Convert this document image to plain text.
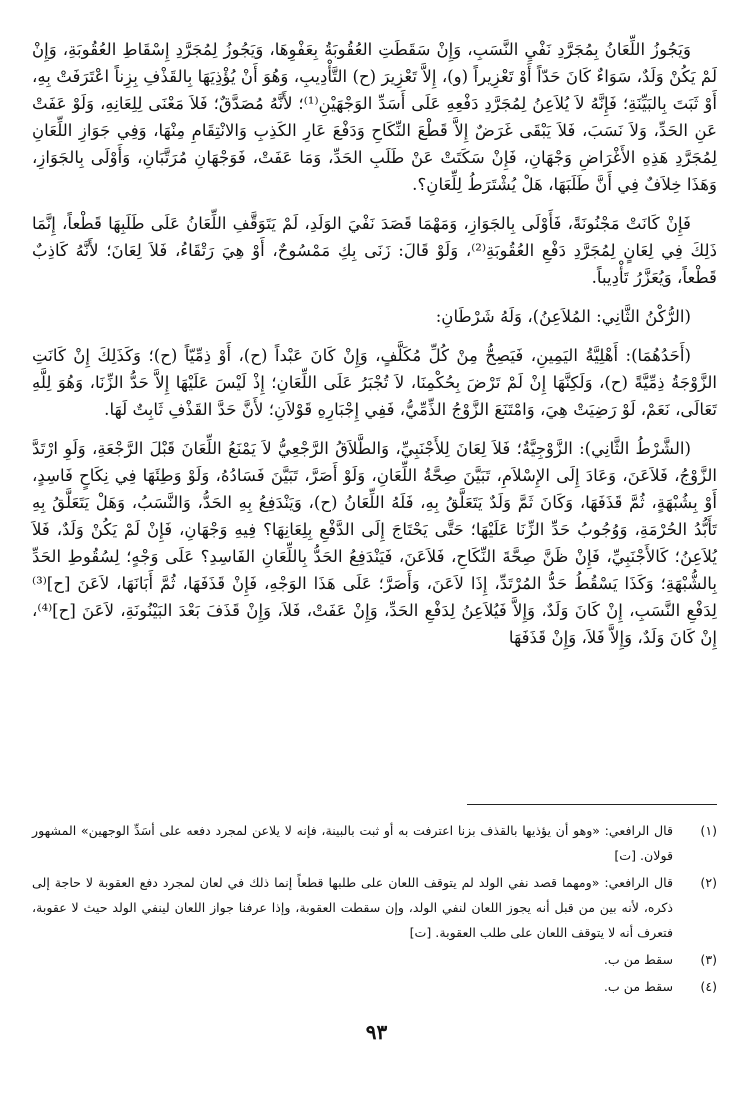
وَيَجُوزُ اللِّعَانُ بِمُجَرَّدِ نَفْيِ النَّسَبِ، وَإِنْ سَقَطَتِ العُقُوبَةُ بِعَفْوِهَا، وَيَجُوزُ لِمُجَرَّدِ إِسْقَاطِ العُقُوبَةِ، وَإِنْ لَمْ يَكُنْ وَلَدٌ، سَوَاءٌ كَانَ حَدّاً أَوْ تَعْزِيراً (و)، إِلاَّ تَعْزِيرَ (ح) التَّأْدِيبِ، وَهُوَ أَنْ يُؤْذِيَهَا بِالقَذْفِ بِزِناً اعْتَرَفَتْ بِهِ، أَوْ ثَبَتَ بِالبَيِّنَةِ؛ فَإِنَّهُ لاَ يُلاَعِنُ لِمُجَرَّدِ دَفْعِهِ عَلَى أَسَدِّ الوَجْهَيْنِ⁽¹⁾؛ لأَنَّهُ مُصَدَّقٌ؛ فَلاَ مَعْنَى لِلِعَانِهِ، وَلَوْ عَفَتْ عَنِ الحَدِّ، وَلاَ نَسَبَ، فَلاَ يَبْقَى غَرَضٌ إِلاَّ قَطْعَ النِّكَاحِ وَدَفْعَ عَارِ الكَذِبِ وَالانْتِقَامِ مِنْهَا، وَفِي جَوَازِ اللِّعَانِ لِمُجَرَّدِ هَذِهِ الأَغْرَاضِ وَجْهَانِ، فَإِنْ سَكَتَتْ عَنْ طَلَبِ الحَدِّ، وَمَا عَفَتْ، فَوَجْهَانِ مُرَتَّبَانِ، وَأَوْلَى بِالجَوَازِ، وَهَذَا خِلاَفٌ فِي أَنَّ طَلَبَهَا، هَلْ يُشْتَرَطُ لِلِّعَانِ؟.

فَإِنْ كَانَتْ مَجْنُونَةً، فَأَوْلَى بِالجَوَازِ، وَمَهْمَا قَصَدَ نَفْيَ الوَلَدِ، لَمْ يَتَوَقَّفِ اللِّعَانُ عَلَى طَلَبِهَا قَطْعاً، إِنَّمَا ذَلِكَ فِي لِعَانٍ لِمُجَرَّدِ دَفْعِ العُقُوبَةِ⁽²⁾، وَلَوْ قَالَ: زَنَى بِكِ مَمْسُوحٌ، أَوْ هِيَ رَتْقَاءُ، فَلاَ لِعَانَ؛ لأَنَّهُ كَاذِبٌ قَطْعاً، وَيُعَزَّرُ تَأْدِيباً.

(الرُّكْنُ الثَّانِي: المُلاَعِنُ)، وَلَهُ شَرْطَانِ:

(أَحَدُهُمَا): أَهْلِيَّةُ اليَمِينِ، فَيَصِحُّ مِنْ كُلِّ مُكَلَّفٍ، وَإِنْ كَانَ عَبْداً (ح)، أَوْ ذِمِّيّاً (ح)؛ وَكَذَلِكَ إِنْ كَانَتِ الزَّوْجَةُ ذِمِّيَّةً (ح)، وَلَكِنَّهَا إِنْ لَمْ تَرْضَ بِحُكْمِنَا، لاَ تُجْبَرُ عَلَى اللِّعَانِ؛ إِذْ لَيْسَ عَلَيْهَا إِلاَّ حَدُّ الزِّنَا، وَهُوَ لِلَّهِ تَعَالَى، نَعَمْ، لَوْ رَضِيَتْ هِيَ، وَامْتَنَعَ الزَّوْجُ الذِّمِّيُّ، فَفِي إِجْبَارِهِ قَوْلاَنِ؛ لأَنَّ حَدَّ القَذْفِ ثَابِتٌ لَهَا.

(الشَّرْطُ الثَّانِي): الزَّوْجِيَّةُ؛ فَلاَ لِعَانَ لِلأَجْنَبِيِّ، وَالطَّلاَقُ الرَّجْعِيُّ لاَ يَمْنَعُ اللِّعَانَ قَبْلَ الرَّجْعَةِ، وَلَوِ ارْتَدَّ الزَّوْجُ، فَلاَعَنَ، وَعَادَ إِلَى الإِسْلاَمِ، تَبَيَّنَ صِحَّةُ اللِّعَانِ، وَلَوْ أَصَرَّ، تَبَيَّنَ فَسَادُهُ، وَلَوْ وَطِئَهَا فِي نِكَاحٍ فَاسِدٍ، أَوْ بِشُبْهَةٍ، ثُمَّ قَذَفَهَا، وَكَانَ ثَمَّ وَلَدٌ يَتَعَلَّقُ بِهِ، فَلَهُ اللِّعَانُ (ح)، وَيَنْدَفِعُ بِهِ الحَدُّ، وَالنَّسَبُ، وَهَلْ يَتَعَلَّقُ بِهِ تَأَبُّدُ الحُرْمَةِ، وَوُجُوبُ حَدِّ الزِّنَا عَلَيْهَا؛ حَتَّى يَحْتَاجَ إِلَى الدَّفْعِ بِلِعَانِهَا؟ فِيهِ وَجْهَانِ، فَإِنْ لَمْ يَكُنْ وَلَدٌ، فَلاَ يُلاَعِنُ؛ كَالأَجْنَبِيِّ، فَإِنْ ظَنَّ صِحَّةَ النِّكَاحِ، فَلاَعَنَ، فَيَنْدَفِعُ الحَدُّ بِاللِّعَانِ الفَاسِدِ؟ عَلَى وَجْهٍ؛ لِسُقُوطِ الحَدِّ بِالشُّبْهَةِ؛ وَكَذَا يَسْقُطُ حَدُّ المُرْتَدِّ، إِذَا لاَعَنَ، وَأَصَرَّ؛ عَلَى هَذَا الوَجْهِ، فَإِنْ قَذَفَهَا، ثُمَّ أَبَانَهَا، لاَعَنَ [ح]⁽³⁾ لِدَفْعِ النَّسَبِ، إِنْ كَانَ وَلَدٌ، وَإِلاَّ فَيُلاَعِنُ لِدَفْعِ الحَدِّ، وَإِنْ عَفَتْ، فَلاَ، وَإِنْ قَذَفَ بَعْدَ البَيْنُونَةِ، لاَعَنَ [ح]⁽⁴⁾، إِنْ كَانَ وَلَدٌ، وَإِلاَّ فَلاَ، وَإِنْ قَذَفَهَا

(١)
قال الرافعي: «وهو أن يؤذيها بالقذف بزنا اعترفت به أو ثبت بالبينة، فإنه لا يلاعن لمجرد دفعه على أسَدِّ الوجهين» المشهور قولان. [ت]
(٢)
قال الرافعي: «ومهما قصد نفي الولد لم يتوقف اللعان على طلبها قطعاً إنما ذلك في لعان لمجرد دفع العقوبة لا حاجة إلى ذكره، لأنه بين من قبل أنه يجوز اللعان لنفي الولد، وإن سقطت العقوبة، وإذا عرفنا جواز اللعان لينفي الولد حيث لا عقوبة، فتعرف أنه لا يتوقف اللعان على طلب العقوبة. [ت]
(٣)
سقط من ب.
(٤)
سقط من ب.
٩٣
